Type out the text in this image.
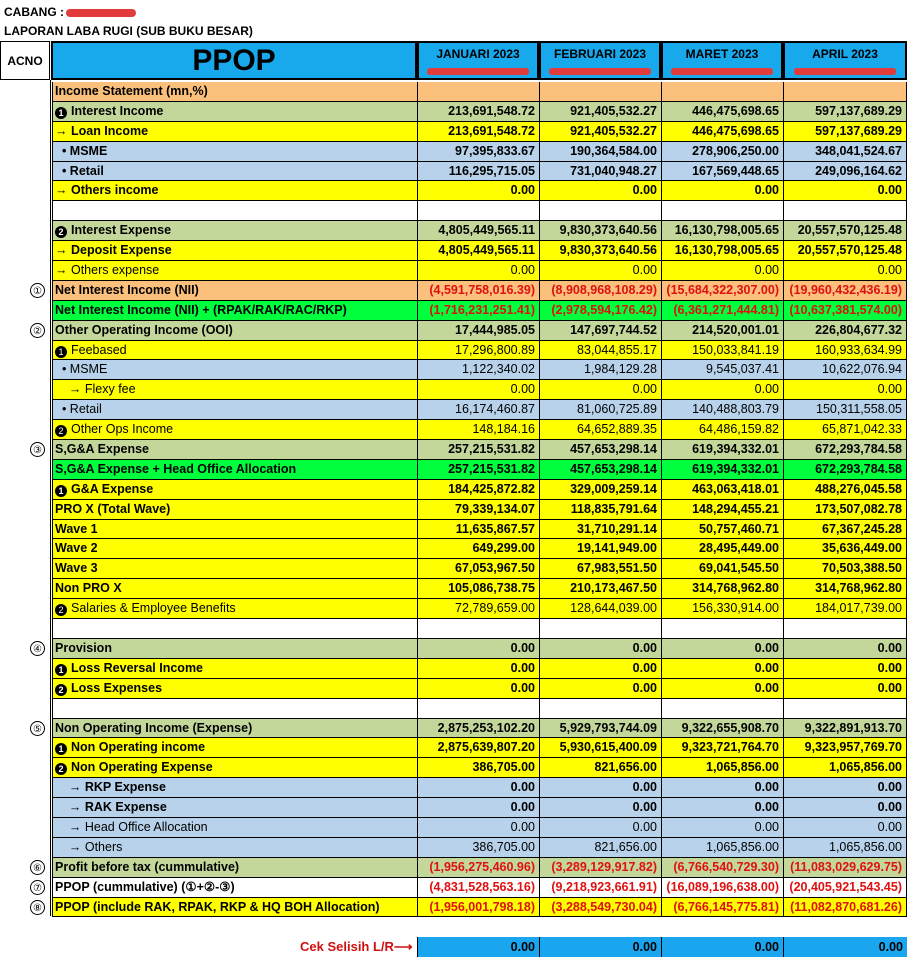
CABANG :
LAPORAN LABA RUGI (SUB BUKU BESAR)
ACNO	PPOP	JANUARI 2023	FEBRUARI 2023	MARET 2023	APRIL 2023
Income Statement (mn,%)
1 Interest Income	213,691,548.72	921,405,532.27	446,475,698.65	597,137,689.29
→ Loan Income	213,691,548.72	921,405,532.27	446,475,698.65	597,137,689.29
• MSME	97,395,833.67	190,364,584.00	278,906,250.00	348,041,524.67
• Retail	116,295,715.05	731,040,948.27	167,569,448.65	249,096,164.62
→ Others income	0.00	0.00	0.00	0.00
2 Interest Expense	4,805,449,565.11	9,830,373,640.56	16,130,798,005.65	20,557,570,125.48
→ Deposit Expense	4,805,449,565.11	9,830,373,640.56	16,130,798,005.65	20,557,570,125.48
→ Others expense	0.00	0.00	0.00	0.00
① Net Interest Income (NII)	(4,591,758,016.39)	(8,908,968,108.29) (15,684,322,307.00) (19,960,432,436.19)
Net Interest Income (NII) + (RPAK/RAK/RAC/RKP)	(1,716,231,251.41)	(2,978,594,176.42)	(6,361,271,444.81) (10,637,381,574.00)
② Other Operating Income (OOI)	17,444,985.05	147,697,744.52	214,520,001.01	226,804,677.32
1 Feebased	17,296,800.89	83,044,855.17	150,033,841.19	160,933,634.99
• MSME	1,122,340.02	1,984,129.28	9,545,037.41	10,622,076.94
→ Flexy fee	0.00	0.00	0.00	0.00
• Retail	16,174,460.87	81,060,725.89	140,488,803.79	150,311,558.05
2 Other Ops Income	148,184.16	64,652,889.35	64,486,159.82	65,871,042.33
③ S,G&A Expense	257,215,531.82	457,653,298.14	619,394,332.01	672,293,784.58
S,G&A Expense + Head Office Allocation	257,215,531.82	457,653,298.14	619,394,332.01	672,293,784.58
1 G&A Expense	184,425,872.82	329,009,259.14	463,063,418.01	488,276,045.58
PRO X (Total Wave)	79,339,134.07	118,835,791.64	148,294,455.21	173,507,082.78
Wave 1	11,635,867.57	31,710,291.14	50,757,460.71	67,367,245.28
Wave 2	649,299.00	19,141,949.00	28,495,449.00	35,636,449.00
Wave 3	67,053,967.50	67,983,551.50	69,041,545.50	70,503,388.50
Non PRO X	105,086,738.75	210,173,467.50	314,768,962.80	314,768,962.80
2 Salaries & Employee Benefits	72,789,659.00	128,644,039.00	156,330,914.00	184,017,739.00
④ Provision	0.00	0.00	0.00	0.00
1 Loss Reversal Income	0.00	0.00	0.00	0.00
2 Loss Expenses	0.00	0.00	0.00	0.00
⑤ Non Operating Income (Expense)	2,875,253,102.20	5,929,793,744.09	9,322,655,908.70	9,322,891,913.70
1 Non Operating income	2,875,639,807.20	5,930,615,400.09	9,323,721,764.70	9,323,957,769.70
2 Non Operating Expense	386,705.00	821,656.00	1,065,856.00	1,065,856.00
→ RKP Expense	0.00	0.00	0.00	0.00
→ RAK Expense	0.00	0.00	0.00	0.00
→ Head Office Allocation	0.00	0.00	0.00	0.00
→ Others	386,705.00	821,656.00	1,065,856.00	1,065,856.00
⑥ Profit before tax (cummulative)	(1,956,275,460.96)	(3,289,129,917.82)	(6,766,540,729.30) (11,083,029,629.75)
⑦ PPOP (cummulative) (①+②-③)	(4,831,528,563.16)	(9,218,923,661.91) (16,089,196,638.00) (20,405,921,543.45)
⑧ PPOP (include RAK, RPAK, RKP & HQ BOH Allocation)	(1,956,001,798.18)	(3,288,549,730.04)	(6,766,145,775.81) (11,082,870,681.26)
Cek Selisih L/R⟶	0.00	0.00	0.00	0.00
